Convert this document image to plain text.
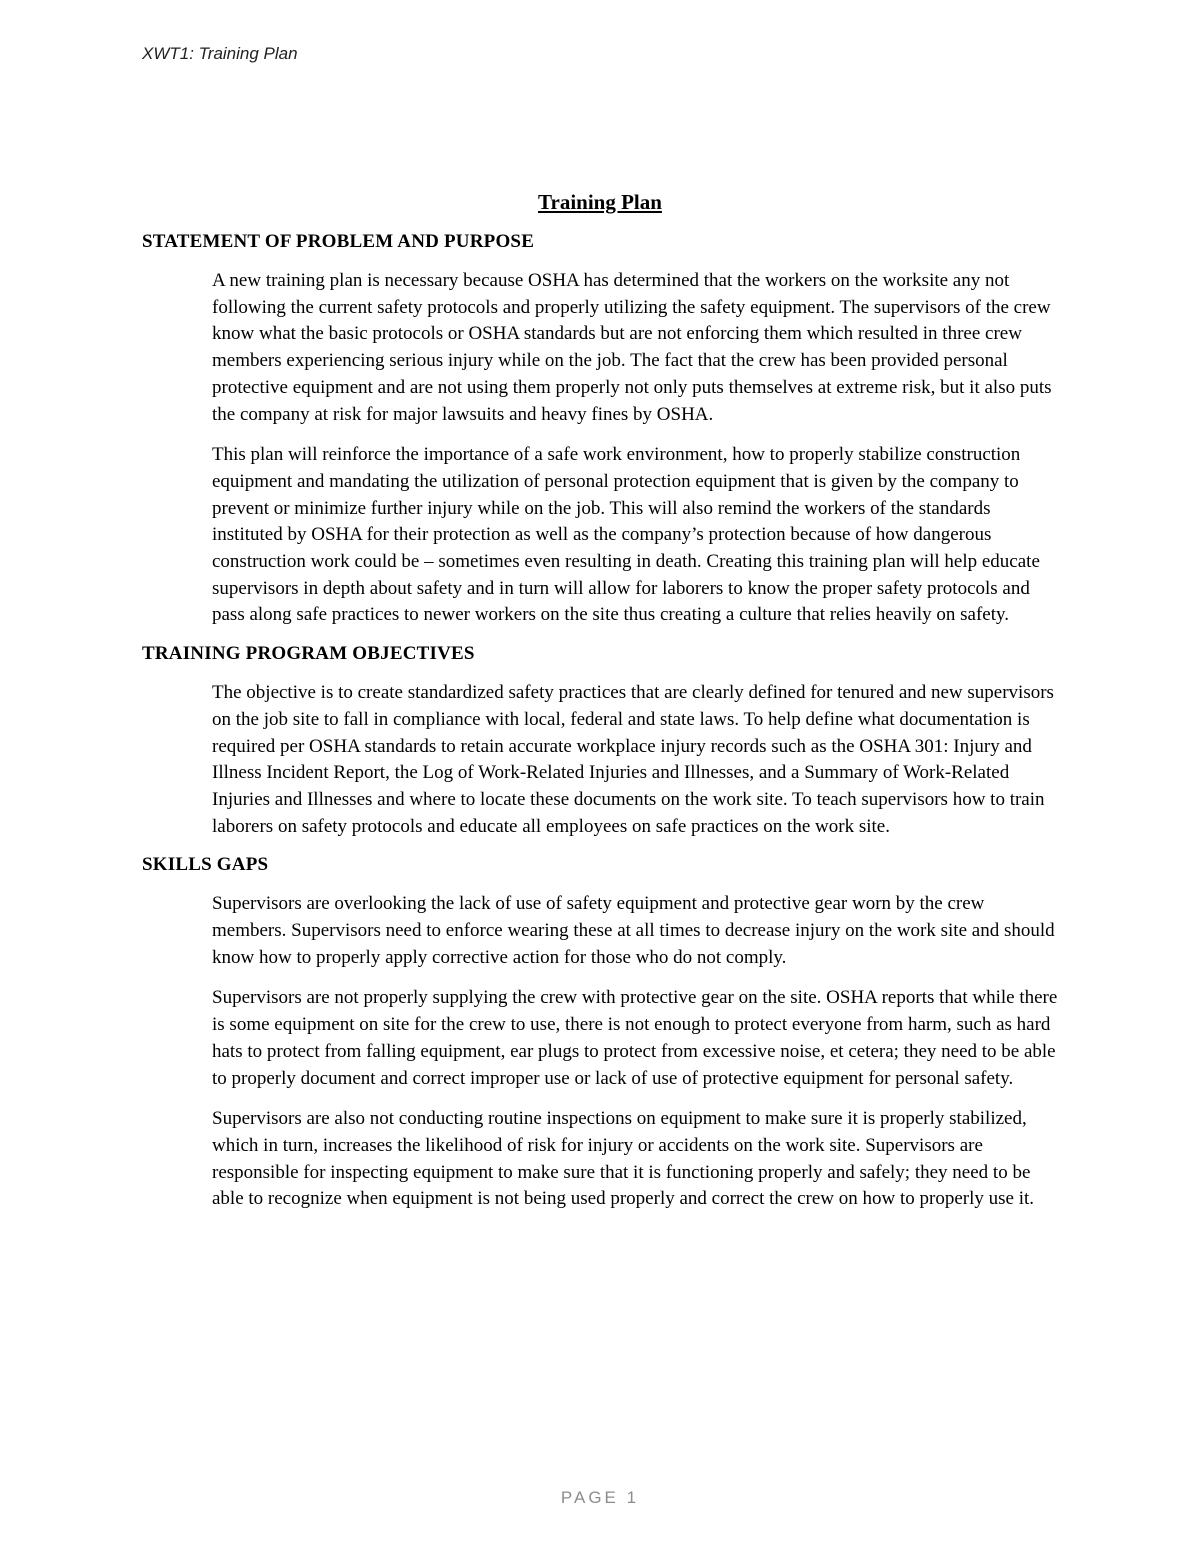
XWT1: Training Plan
Training Plan
STATEMENT OF PROBLEM AND PURPOSE

A new training plan is necessary because OSHA has determined that the workers on the worksite any not following the current safety protocols and properly utilizing the safety equipment. The supervisors of the crew know what the basic protocols or OSHA standards but are not enforcing them which resulted in three crew members experiencing serious injury while on the job. The fact that the crew has been provided personal protective equipment and are not using them properly not only puts themselves at extreme risk, but it also puts the company at risk for major lawsuits and heavy fines by OSHA.

This plan will reinforce the importance of a safe work environment, how to properly stabilize construction equipment and mandating the utilization of personal protection equipment that is given by the company to prevent or minimize further injury while on the job. This will also remind the workers of the standards instituted by OSHA for their protection as well as the company’s protection because of how dangerous construction work could be – sometimes even resulting in death. Creating this training plan will help educate supervisors in depth about safety and in turn will allow for laborers to know the proper safety protocols and pass along safe practices to newer workers on the site thus creating a culture that relies heavily on safety.

TRAINING PROGRAM OBJECTIVES

The objective is to create standardized safety practices that are clearly defined for tenured and new supervisors on the job site to fall in compliance with local, federal and state laws. To help define what documentation is required per OSHA standards to retain accurate workplace injury records such as the OSHA 301: Injury and Illness Incident Report, the Log of Work-Related Injuries and Illnesses, and a Summary of Work-Related Injuries and Illnesses and where to locate these documents on the work site. To teach supervisors how to train laborers on safety protocols and educate all employees on safe practices on the work site.

SKILLS GAPS

Supervisors are overlooking the lack of use of safety equipment and protective gear worn by the crew members. Supervisors need to enforce wearing these at all times to decrease injury on the work site and should know how to properly apply corrective action for those who do not comply.

Supervisors are not properly supplying the crew with protective gear on the site. OSHA reports that while there is some equipment on site for the crew to use, there is not enough to protect everyone from harm, such as hard hats to protect from falling equipment, ear plugs to protect from excessive noise, et cetera; they need to be able to properly document and correct improper use or lack of use of protective equipment for personal safety.

Supervisors are also not conducting routine inspections on equipment to make sure it is properly stabilized, which in turn, increases the likelihood of risk for injury or accidents on the work site. Supervisors are responsible for inspecting equipment to make sure that it is functioning properly and safely; they need to be able to recognize when equipment is not being used properly and correct the crew on how to properly use it.

PAGE 1
